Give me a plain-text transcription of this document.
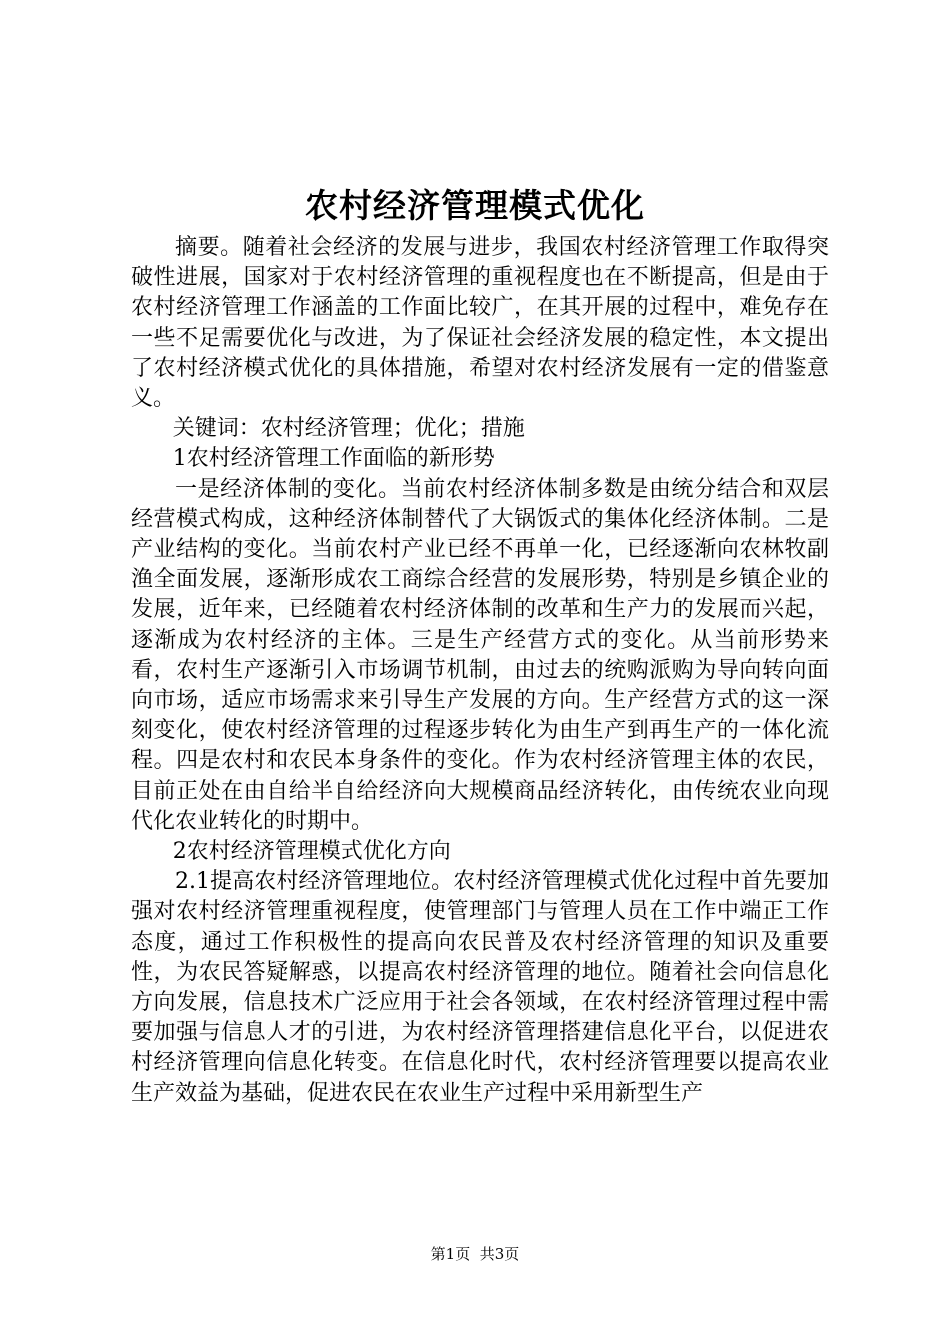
农村经济管理模式优化

摘要。随着社会经济的发展与进步，我国农村经济管理工作取得突破性进展，国家对于农村经济管理的重视程度也在不断提高，但是由于农村经济管理工作涵盖的工作面比较广，在其开展的过程中，难免存在一些不足需要优化与改进，为了保证社会经济发展的稳定性，本文提出了农村经济模式优化的具体措施，希望对农村经济发展有一定的借鉴意义。

关键词：农村经济管理；优化；措施

1农村经济管理工作面临的新形势

一是经济体制的变化。当前农村经济体制多数是由统分结合和双层经营模式构成，这种经济体制替代了大锅饭式的集体化经济体制。二是产业结构的变化。当前农村产业已经不再单一化，已经逐渐向农林牧副渔全面发展，逐渐形成农工商综合经营的发展形势，特别是乡镇企业的发展，近年来，已经随着农村经济体制的改革和生产力的发展而兴起，逐渐成为农村经济的主体。三是生产经营方式的变化。从当前形势来看，农村生产逐渐引入市场调节机制，由过去的统购派购为导向转向面向市场，适应市场需求来引导生产发展的方向。生产经营方式的这一深刻变化，使农村经济管理的过程逐步转化为由生产到再生产的一体化流程。四是农村和农民本身条件的变化。作为农村经济管理主体的农民，目前正处在由自给半自给经济向大规模商品经济转化，由传统农业向现代化农业转化的时期中。

2农村经济管理模式优化方向

2.1提高农村经济管理地位。农村经济管理模式优化过程中首先要加强对农村经济管理重视程度，使管理部门与管理人员在工作中端正工作态度，通过工作积极性的提高向农民普及农村经济管理的知识及重要性，为农民答疑解惑，以提高农村经济管理的地位。随着社会向信息化方向发展，信息技术广泛应用于社会各领域，在农村经济管理过程中需要加强与信息人才的引进，为农村经济管理搭建信息化平台，以促进农村经济管理向信息化转变。在信息化时代，农村经济管理要以提高农业生产效益为基础，促进农民在农业生产过程中采用新型生产

第1页 共3页
